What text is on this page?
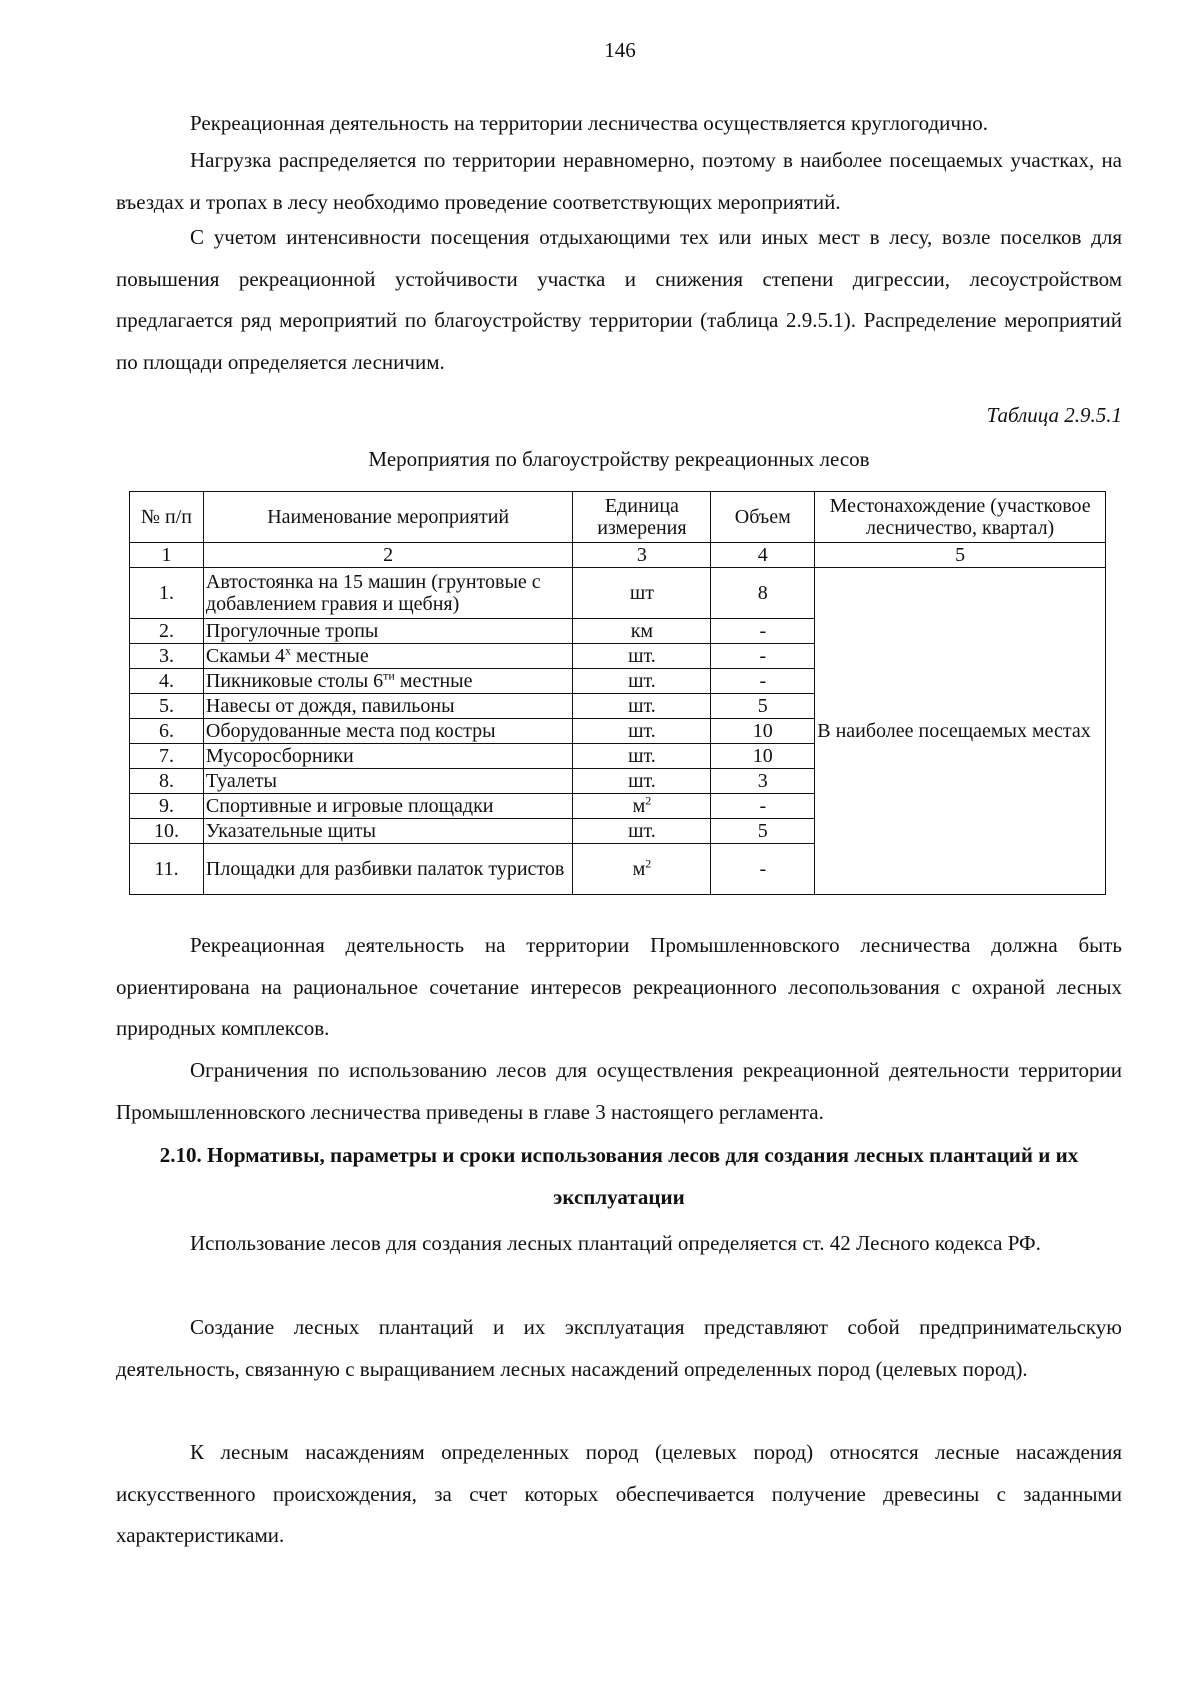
146

Рекреационная деятельность на территории лесничества осуществляется круглогодично.

Нагрузка распределяется по территории неравномерно, поэтому в наиболее посещаемых участках, на въездах и тропах в лесу необходимо проведение соответствующих мероприятий.

С учетом интенсивности посещения отдыхающими тех или иных мест в лесу, возле поселков для повышения рекреационной устойчивости участка и снижения степени дигрессии, лесоустройством предлагается ряд мероприятий по благоустройству территории (таблица 2.9.5.1). Распределение мероприятий по площади определяется лесничим.

Таблица 2.9.5.1
Мероприятия по благоустройству рекреационных лесов
№ п/п	Наименование мероприятий	Единица измерения	Объем	Местонахождение (участковое лесничество, квартал)
1	2	3	4	5
1.	Автостоянка на 15 машин (грунтовые с добавлением гравия и щебня)	шт	8	В наиболее посещаемых местах
2.	Прогулочные тропы	км	-	
3.	Скамьи $4^х$ местные	шт.	-	
4.	Пикниковые столы $6^{ти}$ местные	шт.	-	
5.	Навесы от дождя, павильоны	шт.	5	
6.	Оборудованные места под костры	шт.	10	
7.	Мусоросборники	шт.	10	
8.	Туалеты	шт.	3	
9.	Спортивные и игровые площадки	$м^2$	-	
10.	Указательные щиты	шт.	5	
11.	Площадки для разбивки палаток туристов	$м^2$	-	

Рекреационная деятельность на территории Промышленновского лесничества должна быть ориентирована на рациональное сочетание интересов рекреационного лесопользования с охраной лесных природных комплексов.

Ограничения по использованию лесов для осуществления рекреационной деятельности территории Промышленновского лесничества приведены в главе 3 настоящего регламента.

2.10. Нормативы, параметры и сроки использования лесов для создания лесных плантаций и их эксплуатации

Использование лесов для создания лесных плантаций определяется ст. 42 Лесного кодекса РФ.

Создание лесных плантаций и их эксплуатация представляют собой предпринимательскую деятельность, связанную с выращиванием лесных насаждений определенных пород (целевых пород).

К лесным насаждениям определенных пород (целевых пород) относятся лесные насаждения искусственного происхождения, за счет которых обеспечивается получение древесины с заданными характеристиками.
